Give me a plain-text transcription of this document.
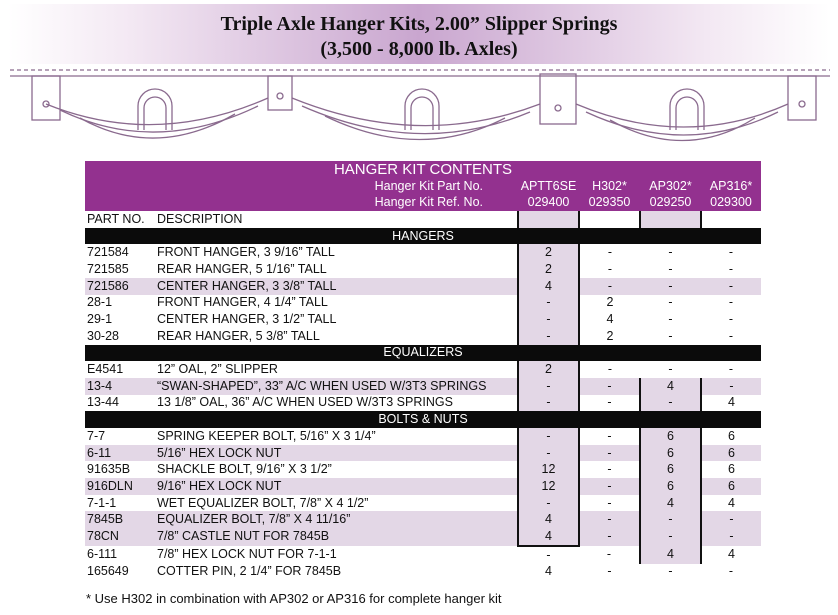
Triple Axle Hanger Kits, 2.00” Slipper Springs
(3,500 - 8,000 lb. Axles)
HANGER KIT CONTENTS					
Hanger Kit Part No.		APTT6SE	H302*	AP302*	AP316*
Hanger Kit Ref. No.		029400	029350	029250	029300
PART NO.	DESCRIPTION				
HANGERS					
721584	FRONT HANGER, 3 9/16” TALL	2	-	-	-
721585	REAR HANGER, 5 1/16” TALL	2	-	-	-
721586	CENTER HANGER, 3 3/8” TALL	4	-	-	-
28-1	FRONT HANGER, 4 1/4” TALL	-	2	-	-
29-1	CENTER HANGER, 3 1/2” TALL	-	4	-	-
30-28	REAR HANGER, 5 3/8” TALL	-	2	-	-
EQUALIZERS					
E4541	12” OAL, 2” SLIPPER	2	-	-	-
13-4	“SWAN-SHAPED”, 33” A/C WHEN USED W/3T3 SPRINGS	-	-	4	-
13-44	13 1/8” OAL, 36” A/C WHEN USED W/3T3 SPRINGS	-	-	-	4
BOLTS & NUTS					
7-7	SPRING KEEPER BOLT, 5/16” X 3 1/4”	-	-	6	6
6-11	5/16” HEX LOCK NUT	-	-	6	6
91635B	SHACKLE BOLT, 9/16” X 3 1/2”	12	-	6	6
916DLN	9/16” HEX LOCK NUT	12	-	6	6
7-1-1	WET EQUALIZER BOLT, 7/8” X 4 1/2”	-	-	4	4
7845B	EQUALIZER BOLT, 7/8” X 4 11/16”	4	-	-	-
78CN	7/8” CASTLE NUT FOR 7845B	4	-	-	-
6-111	7/8” HEX LOCK NUT FOR 7-1-1	-	-	4	4
165649	COTTER PIN, 2 1/4” FOR 7845B	4	-	-	-
* Use H302 in combination with AP302 or AP316 for complete hanger kit
